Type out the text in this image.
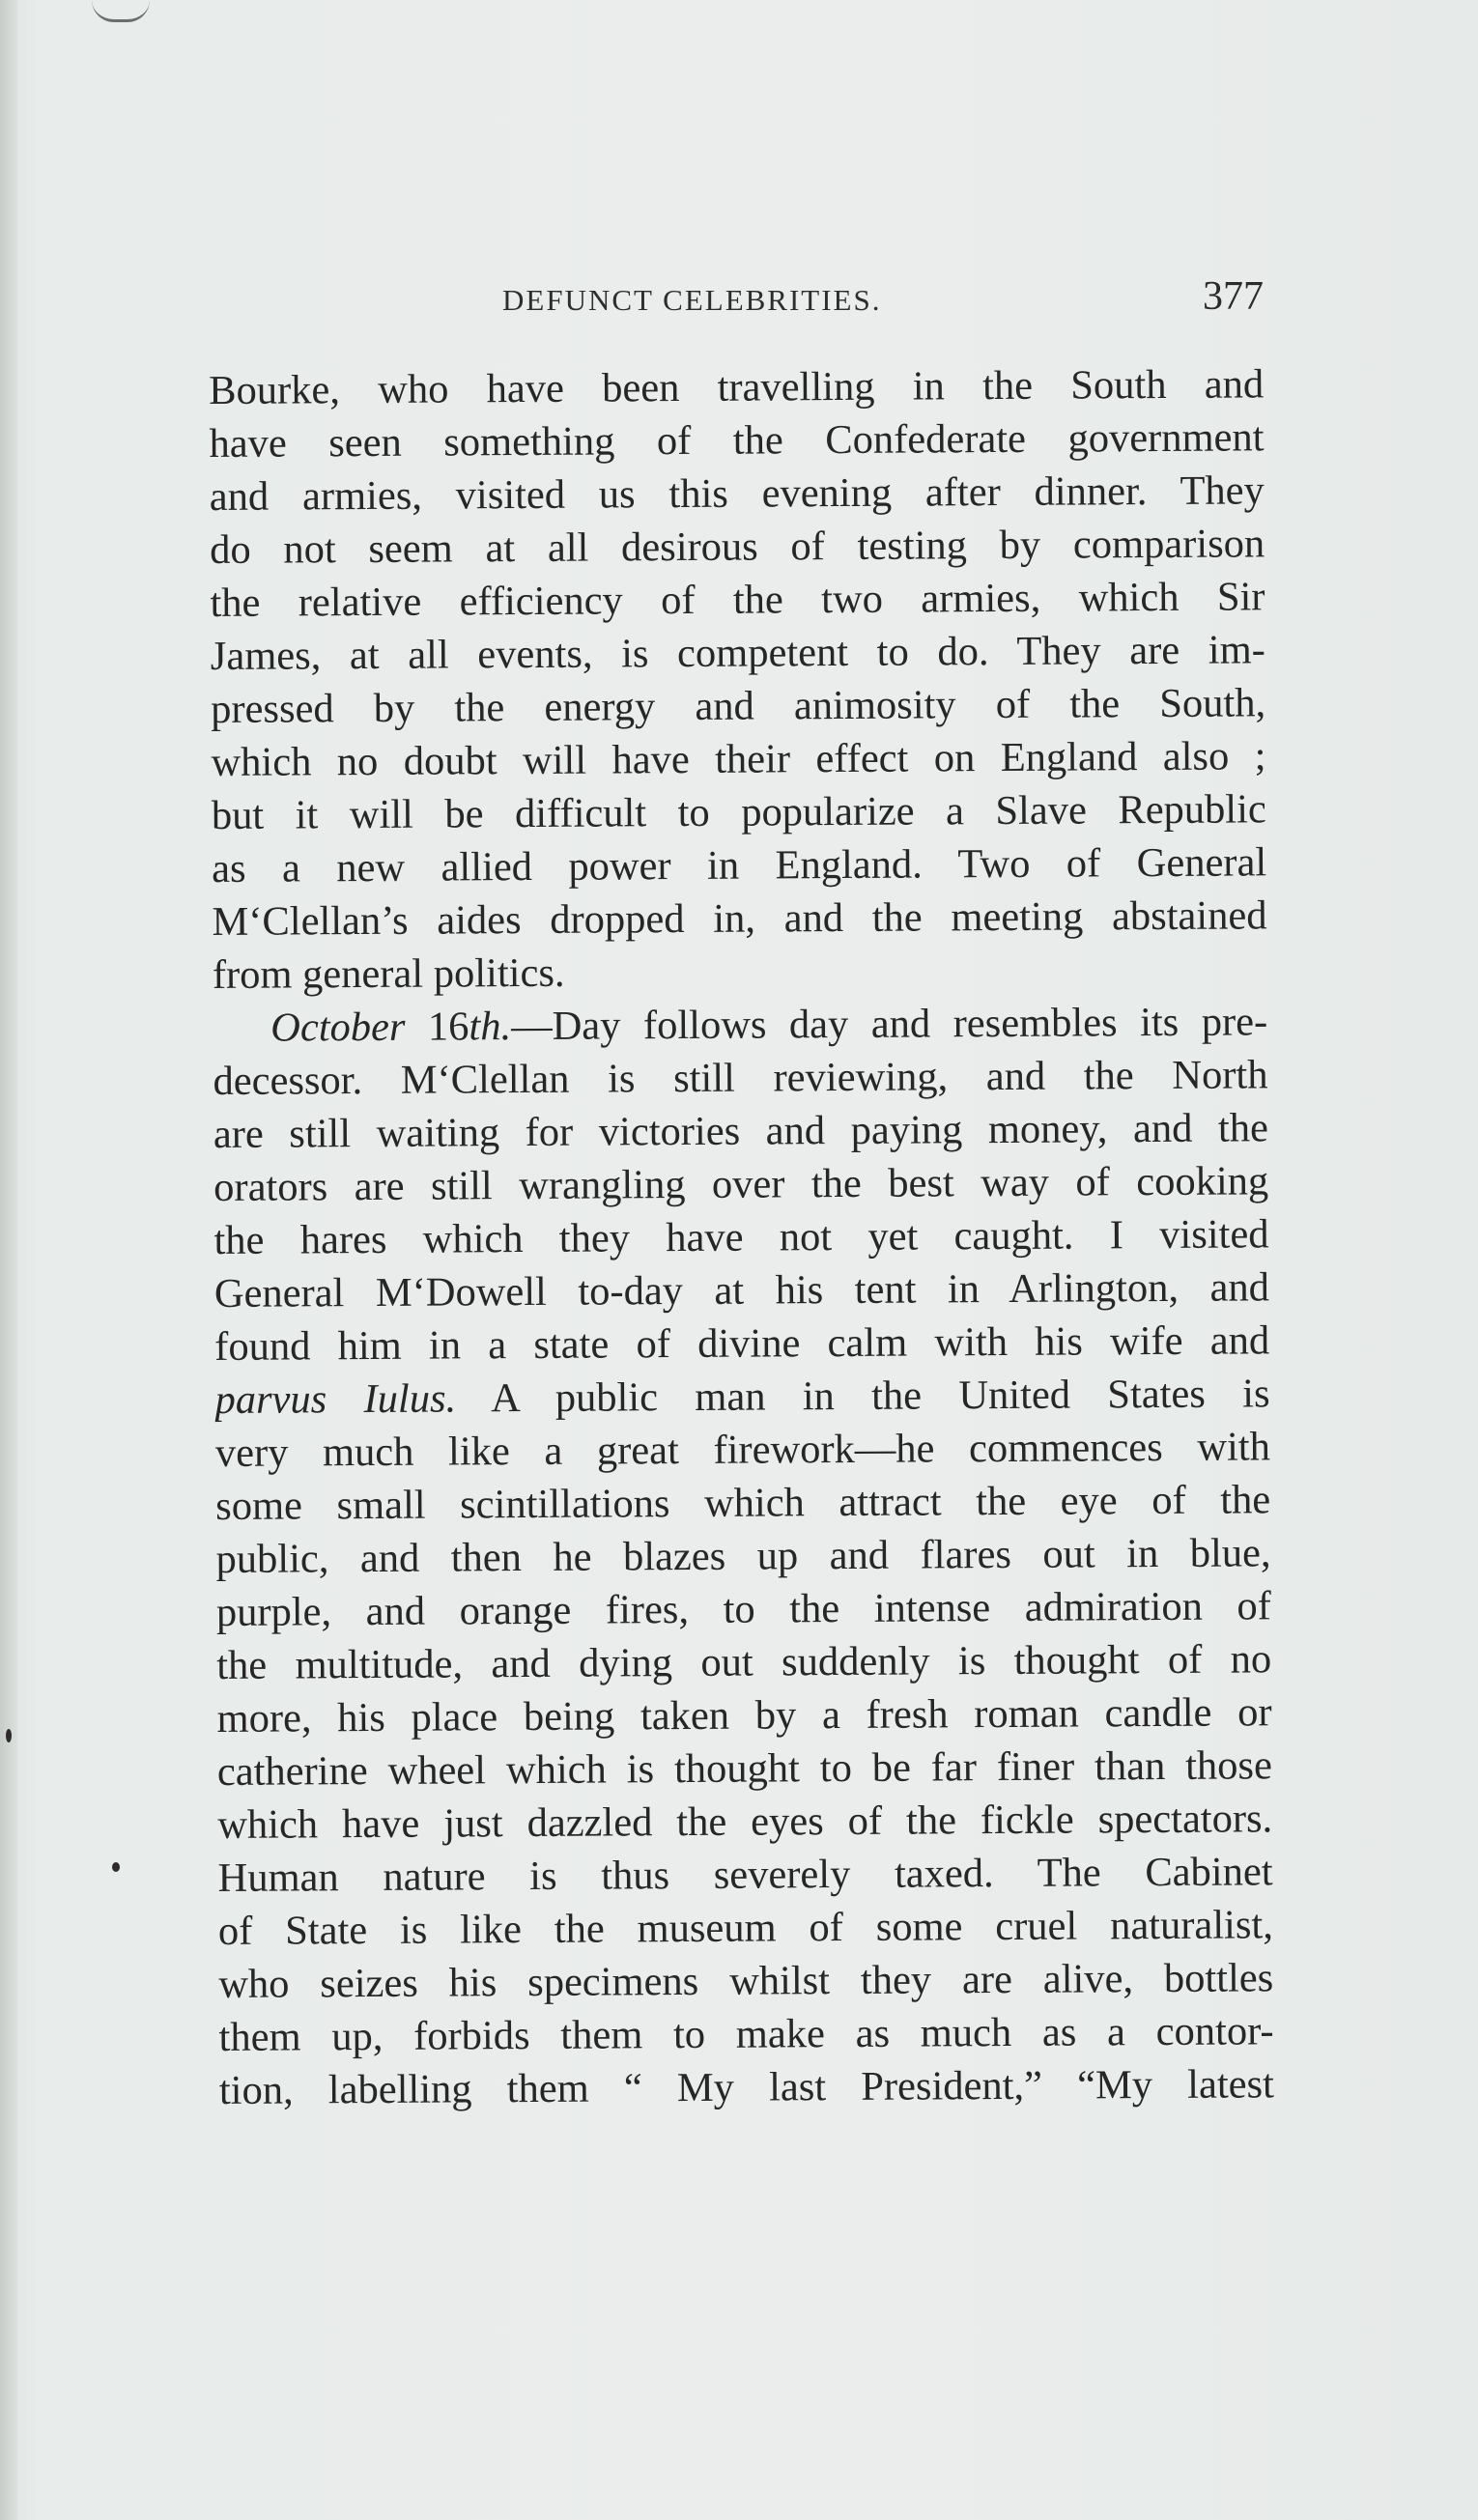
DEFUNCT CELEBRITIES.	377
Bourke, who have been travelling in the South and
have seen something of the Confederate government
and armies, visited us this evening after dinner. They
do not seem at all desirous of testing by comparison
the relative efficiency of the two armies, which Sir
James, at all events, is competent to do. They are im-
pressed by the energy and animosity of the South,
which no doubt will have their effect on England also ;
but it will be difficult to popularize a Slave Republic
as a new allied power in England. Two of General
M‘Clellan’s aides dropped in, and the meeting abstained
from general politics.
October 16th.—Day follows day and resembles its pre-
decessor. M‘Clellan is still reviewing, and the North
are still waiting for victories and paying money, and the
orators are still wrangling over the best way of cooking
the hares which they have not yet caught. I visited
General M‘Dowell to-day at his tent in Arlington, and
found him in a state of divine calm with his wife and
parvus Iulus. A public man in the United States is
very much like a great firework—he commences with
some small scintillations which attract the eye of the
public, and then he blazes up and flares out in blue,
purple, and orange fires, to the intense admiration of
the multitude, and dying out suddenly is thought of no
more, his place being taken by a fresh roman candle or
catherine wheel which is thought to be far finer than those
which have just dazzled the eyes of the fickle spectators.
Human nature is thus severely taxed. The Cabinet
of State is like the museum of some cruel naturalist,
who seizes his specimens whilst they are alive, bottles
them up, forbids them to make as much as a contor-
tion, labelling them “ My last President,” “My latest
